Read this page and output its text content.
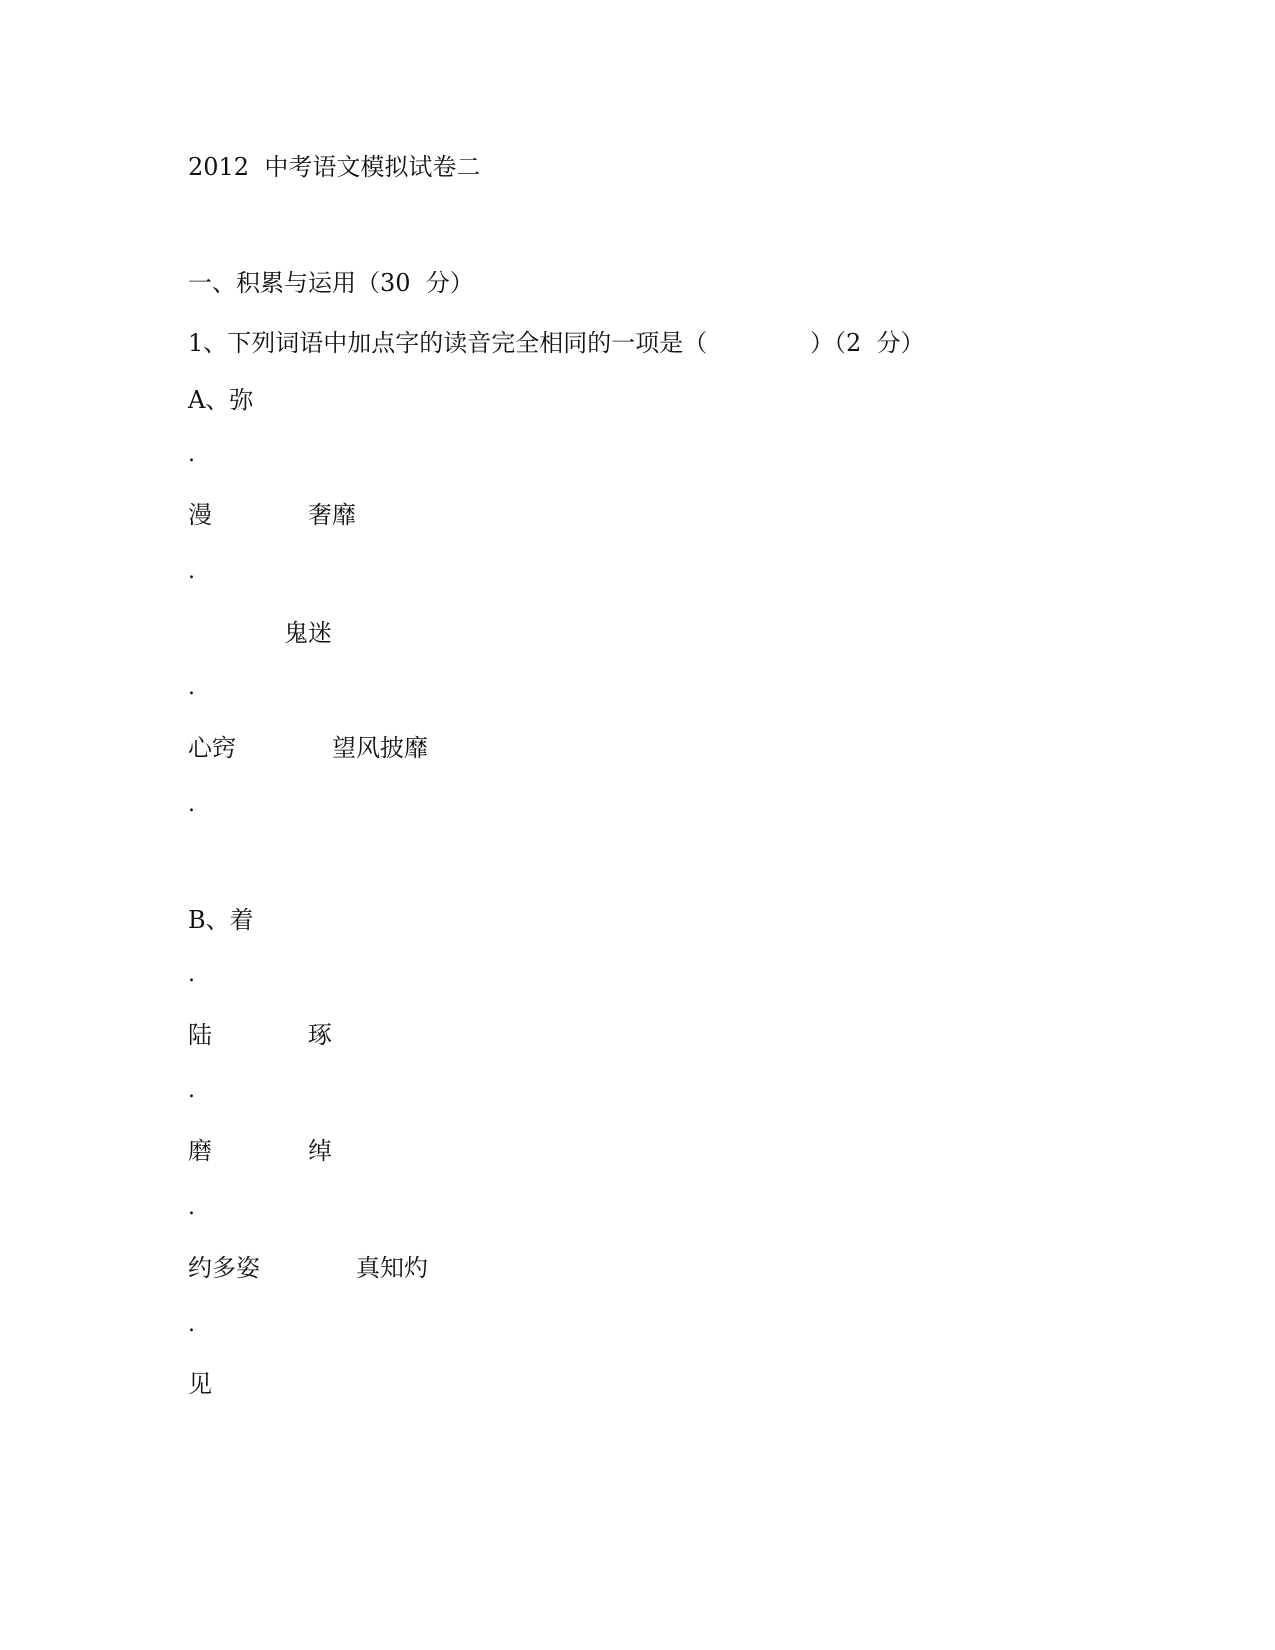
2012  中考语文模拟试卷二
一、积累与运用（30  分）

1、下列词语中加点字的读音完全相同的一项是（

	）（2  分）

A、弥
.

漫

	奢靡

.

鬼迷

.

心窍

	望风披靡

.
B、着
.

陆

	琢

.

磨

	绰

.

约多姿

	真知灼

.
见
